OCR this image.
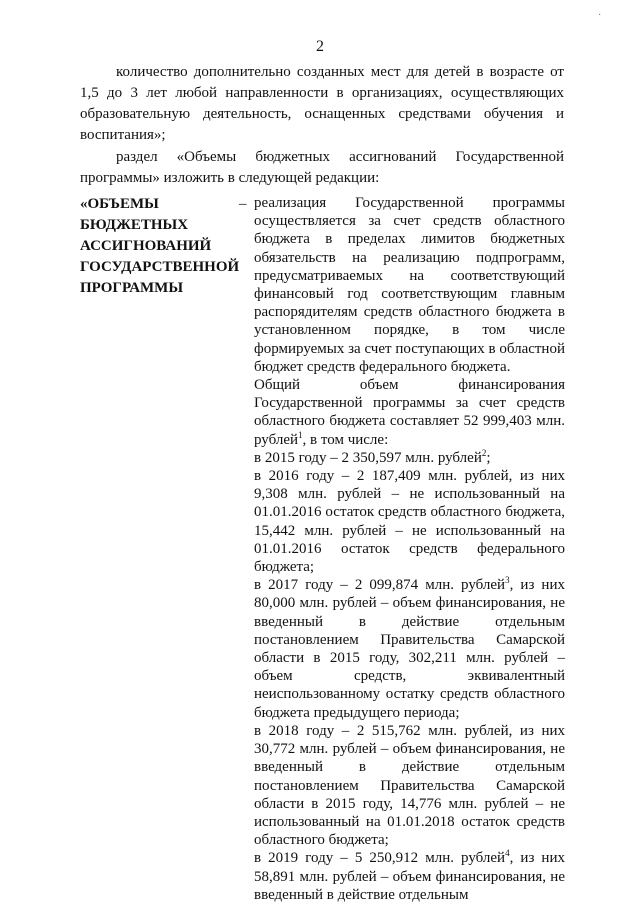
·
2
количество дополнительно созданных мест для детей в возрасте от 1,5 до 3 лет любой направленности в организациях, осуществляющих образовательную деятельность, оснащенных средствами обучения и воспитания»;
раздел «Объемы бюджетных ассигнований Государственной программы» изложить в следующей редакции:
«ОБЪЕМЫ БЮДЖЕТНЫХ АССИГНОВАНИЙ ГОСУДАРСТВЕННОЙ ПРОГРАММЫ
– реализация Государственной программы осуществляется за счет средств областного бюджета в пределах лимитов бюджетных обязательств на реализацию подпрограмм, предусматриваемых на соответствующий финансовый год соответствующим главным распорядителям средств областного бюджета в установленном порядке, в том числе формируемых за счет поступающих в областной бюджет средств федерального бюджета.

Общий объем финансирования Государственной программы за счет средств областного бюджета составляет 52 999,403 млн. рублей$^1$, в том числе:

в 2015 году – 2 350,597 млн. рублей$^2$;

в 2016 году – 2 187,409 млн. рублей, из них 9,308 млн. рублей – не использованный на 01.01.2016 остаток средств областного бюджета, 15,442 млн. рублей – не использованный на 01.01.2016 остаток средств федерального бюджета;

в 2017 году – 2 099,874 млн. рублей$^3$, из них 80,000 млн. рублей – объем финансирования, не введенный в действие отдельным постановлением Правительства Самарской области в 2015 году, 302,211 млн. рублей – объем средств, эквивалентный неиспользованному остатку средств областного бюджета предыдущего периода;

в 2018 году – 2 515,762 млн. рублей, из них 30,772 млн. рублей – объем финансирования, не введенный в действие отдельным постановлением Правительства Самарской области в 2015 году, 14,776 млн. рублей – не использованный на 01.01.2018 остаток средств областного бюджета;

в 2019 году – 5 250,912 млн. рублей$^4$, из них 58,891 млн. рублей – объем финансирования, не введенный в действие отдельным
